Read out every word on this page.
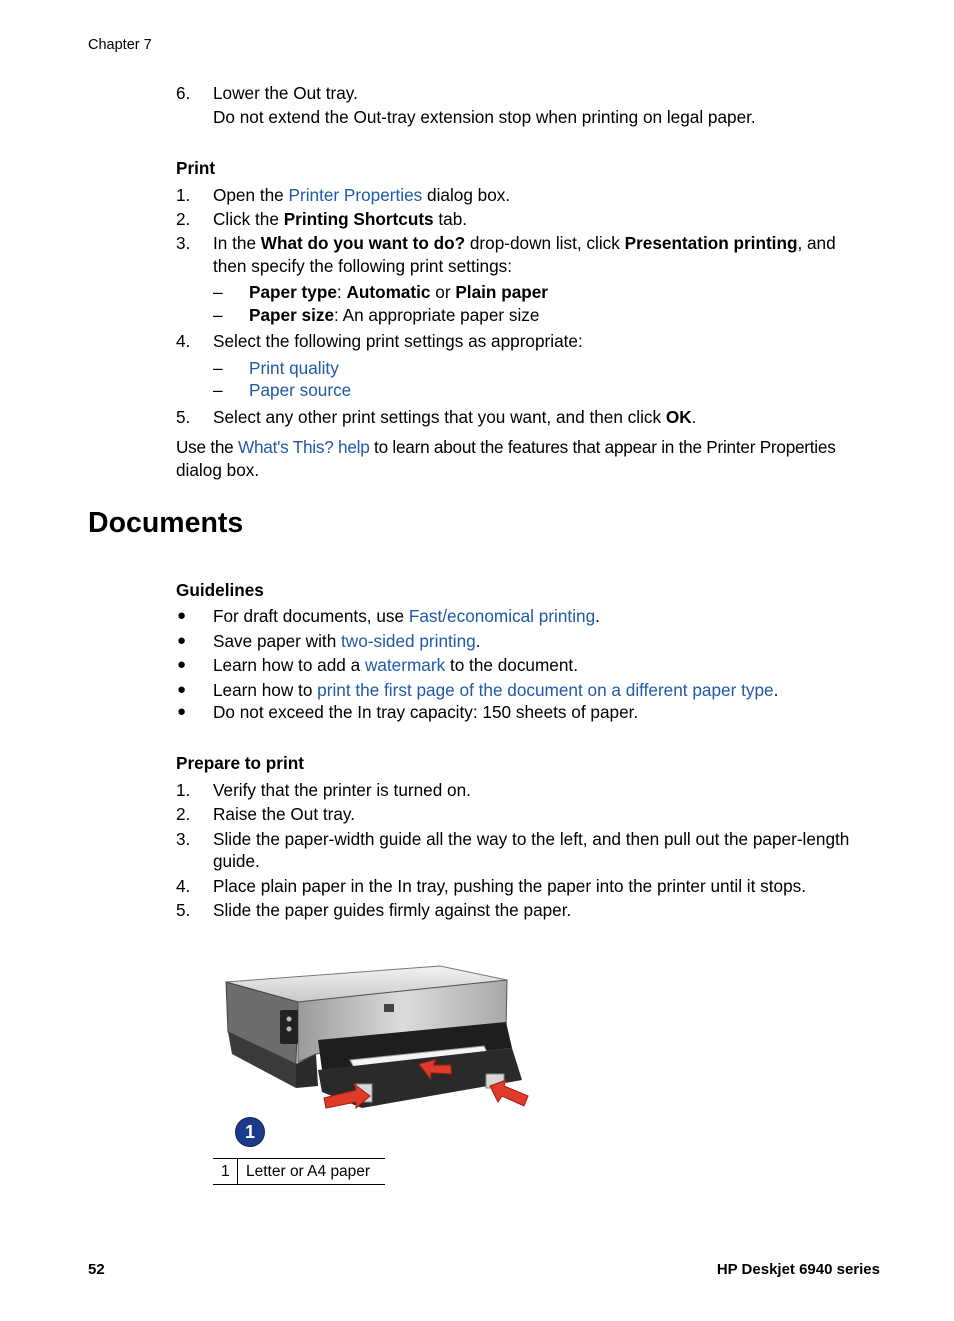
Chapter 7
6. Lower the Out tray.
Do not extend the Out-tray extension stop when printing on legal paper.
Print
1. Open the Printer Properties dialog box.
2. Click the Printing Shortcuts tab.
3. In the What do you want to do? drop-down list, click Presentation printing, and
then specify the following print settings:
– Paper type: Automatic or Plain paper
– Paper size: An appropriate paper size
4. Select the following print settings as appropriate:
– Print quality
– Paper source
5. Select any other print settings that you want, and then click OK.
Use the What's This? help to learn about the features that appear in the Printer Properties
dialog box.
Documents
Guidelines
● For draft documents, use Fast/economical printing.
● Save paper with two-sided printing.
● Learn how to add a watermark to the document.
● Learn how to print the first page of the document on a different paper type.
● Do not exceed the In tray capacity: 150 sheets of paper.
Prepare to print
1. Verify that the printer is turned on.
2. Raise the Out tray.
3. Slide the paper-width guide all the way to the left, and then pull out the paper-length
guide.
4. Place plain paper in the In tray, pushing the paper into the printer until it stops.
5. Slide the paper guides firmly against the paper.
1
1 Letter or A4 paper
52	HP Deskjet 6940 series
